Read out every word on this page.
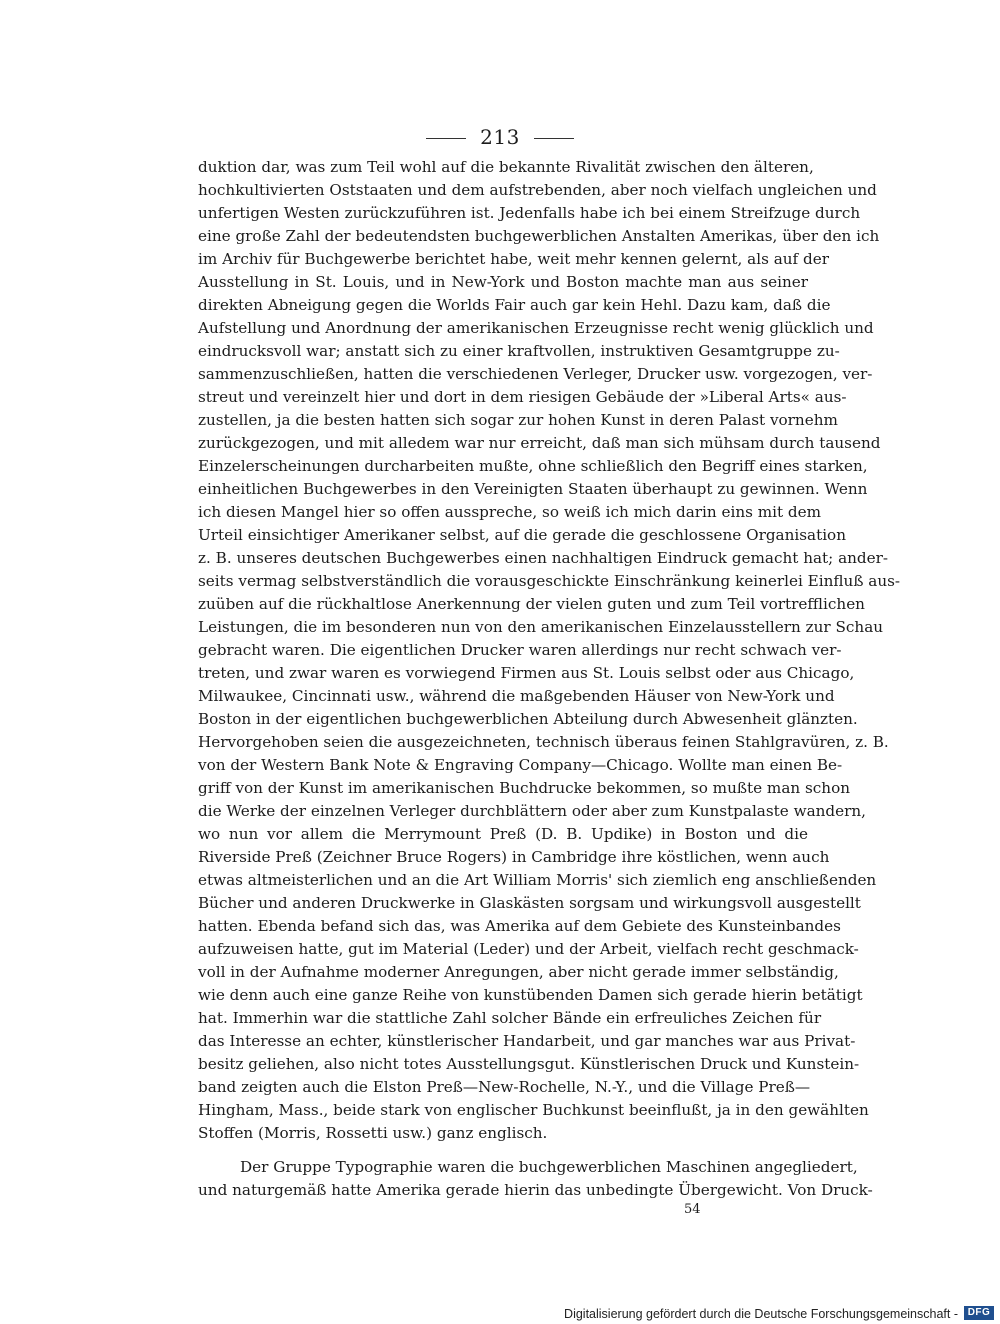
213
duktion dar, was zum Teil wohl auf die bekannte Rivalität zwischen den älteren,
hochkultivierten Oststaaten und dem aufstrebenden, aber noch vielfach ungleichen und
unfertigen Westen zurückzuführen ist. Jedenfalls habe ich bei einem Streifzuge durch
eine große Zahl der bedeutendsten buchgewerblichen Anstalten Amerikas, über den ich
im Archiv für Buchgewerbe berichtet habe, weit mehr kennen gelernt, als auf der
Ausstellung in St. Louis, und in New-York und Boston machte man aus seiner
direkten Abneigung gegen die Worlds Fair auch gar kein Hehl. Dazu kam, daß die
Aufstellung und Anordnung der amerikanischen Erzeugnisse recht wenig glücklich und
eindrucksvoll war; anstatt sich zu einer kraftvollen, instruktiven Gesamtgruppe zu-
sammenzuschließen, hatten die verschiedenen Verleger, Drucker usw. vorgezogen, ver-
streut und vereinzelt hier und dort in dem riesigen Gebäude der »Liberal Arts« aus-
zustellen, ja die besten hatten sich sogar zur hohen Kunst in deren Palast vornehm
zurückgezogen, und mit alledem war nur erreicht, daß man sich mühsam durch tausend
Einzelerscheinungen durcharbeiten mußte, ohne schließlich den Begriff eines starken,
einheitlichen Buchgewerbes in den Vereinigten Staaten überhaupt zu gewinnen. Wenn
ich diesen Mangel hier so offen ausspreche, so weiß ich mich darin eins mit dem
Urteil einsichtiger Amerikaner selbst, auf die gerade die geschlossene Organisation
z. B. unseres deutschen Buchgewerbes einen nachhaltigen Eindruck gemacht hat; ander-
seits vermag selbstverständlich die vorausgeschickte Einschränkung keinerlei Einfluß aus-
zuüben auf die rückhaltlose Anerkennung der vielen guten und zum Teil vortrefflichen
Leistungen, die im besonderen nun von den amerikanischen Einzelausstellern zur Schau
gebracht waren. Die eigentlichen Drucker waren allerdings nur recht schwach ver-
treten, und zwar waren es vorwiegend Firmen aus St. Louis selbst oder aus Chicago,
Milwaukee, Cincinnati usw., während die maßgebenden Häuser von New-York und
Boston in der eigentlichen buchgewerblichen Abteilung durch Abwesenheit glänzten.
Hervorgehoben seien die ausgezeichneten, technisch überaus feinen Stahlgravüren, z. B.
von der Western Bank Note & Engraving Company—Chicago. Wollte man einen Be-
griff von der Kunst im amerikanischen Buchdrucke bekommen, so mußte man schon
die Werke der einzelnen Verleger durchblättern oder aber zum Kunstpalaste wandern,
wo nun vor allem die Merrymount Preß (D. B. Updike) in Boston und die
Riverside Preß (Zeichner Bruce Rogers) in Cambridge ihre köstlichen, wenn auch
etwas altmeisterlichen und an die Art William Morris' sich ziemlich eng anschließenden
Bücher und anderen Druckwerke in Glaskästen sorgsam und wirkungsvoll ausgestellt
hatten. Ebenda befand sich das, was Amerika auf dem Gebiete des Kunsteinbandes
aufzuweisen hatte, gut im Material (Leder) und der Arbeit, vielfach recht geschmack-
voll in der Aufnahme moderner Anregungen, aber nicht gerade immer selbständig,
wie denn auch eine ganze Reihe von kunstübenden Damen sich gerade hierin betätigt
hat. Immerhin war die stattliche Zahl solcher Bände ein erfreuliches Zeichen für
das Interesse an echter, künstlerischer Handarbeit, und gar manches war aus Privat-
besitz geliehen, also nicht totes Ausstellungsgut. Künstlerischen Druck und Kunstein-
band zeigten auch die Elston Preß—New-Rochelle, N.-Y., und die Village Preß—
Hingham, Mass., beide stark von englischer Buchkunst beeinflußt, ja in den gewählten
Stoffen (Morris, Rossetti usw.) ganz englisch.
Der Gruppe Typographie waren die buchgewerblichen Maschinen angegliedert,
und naturgemäß hatte Amerika gerade hierin das unbedingte Übergewicht. Von Druck-
54
Digitalisierung gefördert durch die Deutsche Forschungsgemeinschaft - DFG
